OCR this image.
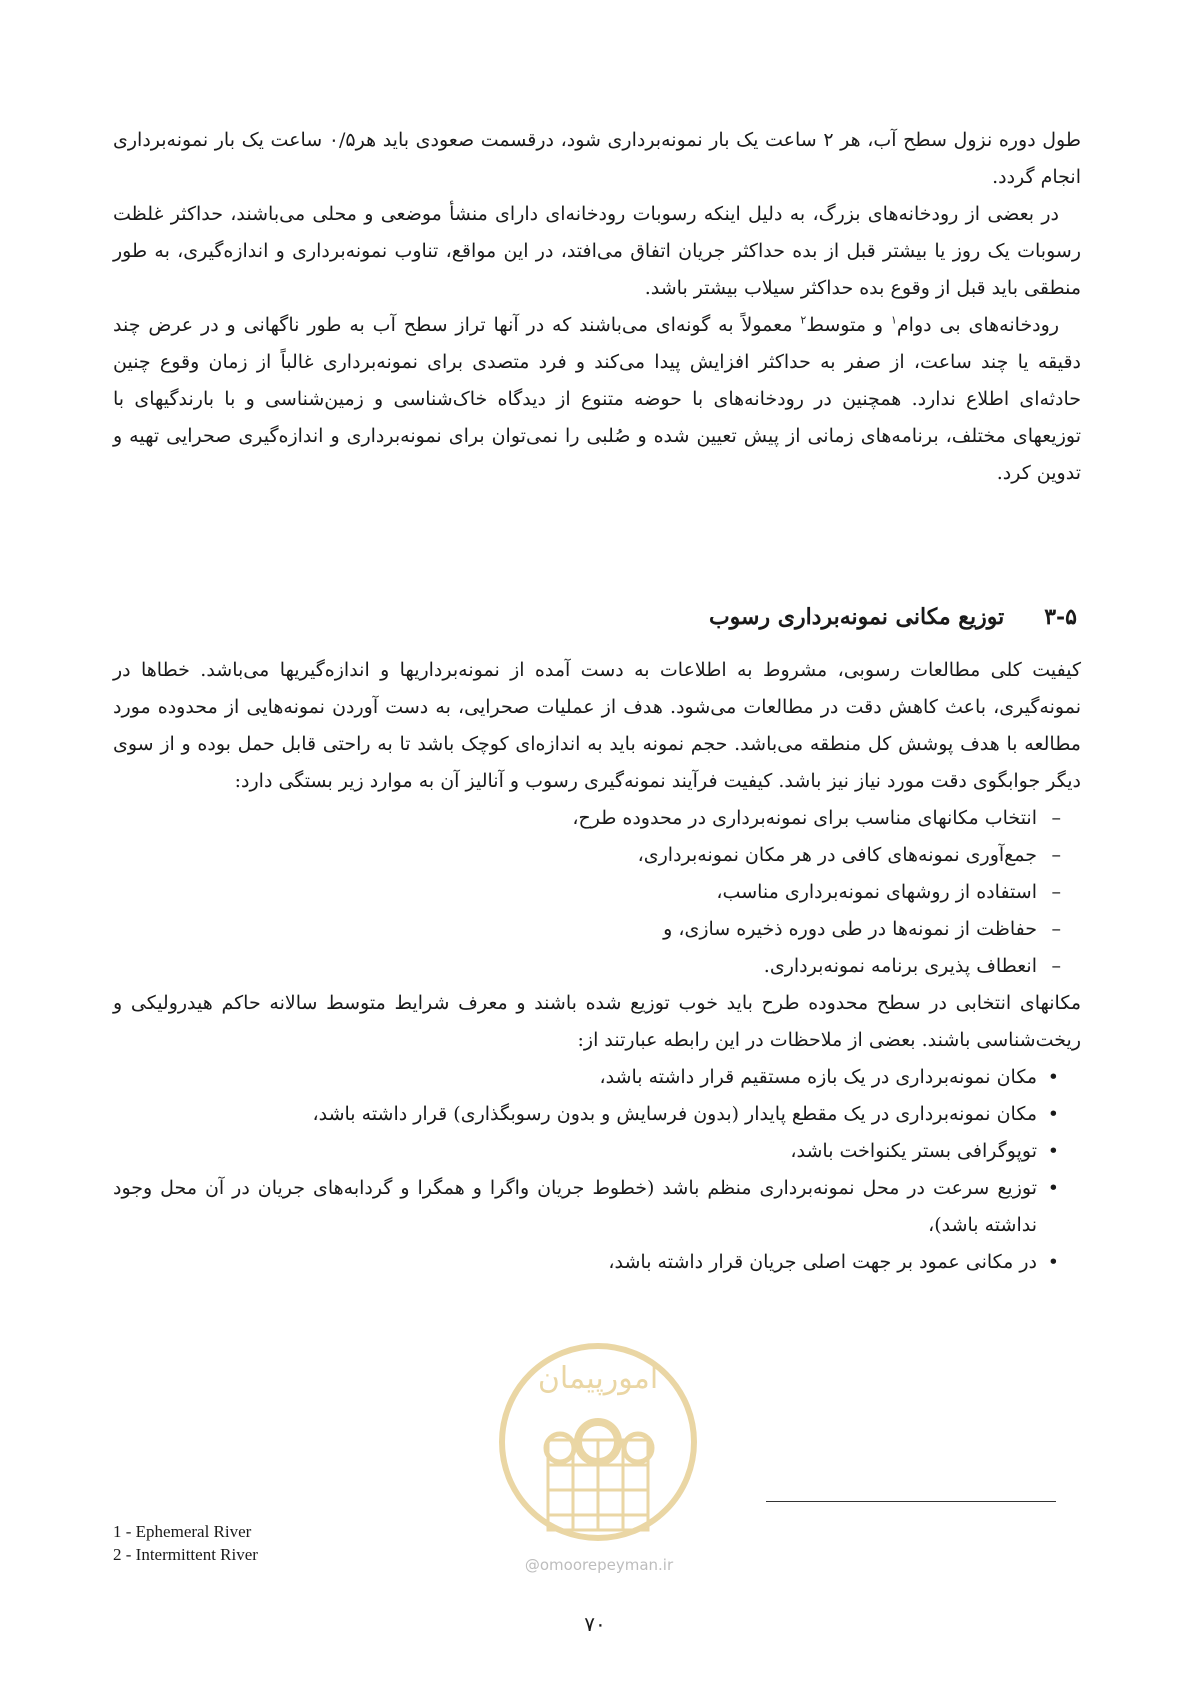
طول دوره نزول سطح آب، هر ۲ ساعت یک بار نمونه‌برداری شود، درقسمت صعودی باید هر۰/۵ ساعت یک بار نمونه‌برداری انجام گردد.

در بعضی از رودخانه‌های بزرگ، به دلیل اینکه رسوبات رودخانه‌ای دارای منشأ موضعی و محلی می‌باشند، حداکثر غلظت رسوبات یک روز یا بیشتر قبل از بده حداکثر جریان اتفاق می‌افتد، در این مواقع، تناوب نمونه‌برداری و اندازه‌گیری، به طور منطقی باید قبل از وقوع بده حداکثر سیلاب بیشتر باشد.

رودخانه‌های بی دوام$^۱$ و متوسط$^۲$ معمولاً به گونه‌ای می‌باشند که در آنها تراز سطح آب به طور ناگهانی و در عرض چند دقیقه یا چند ساعت، از صفر به حداکثر افزایش پیدا می‌کند و فرد متصدی برای نمونه‌برداری غالباً از زمان وقوع چنین حادثه‌ای اطلاع ندارد. همچنین در رودخانه‌های با حوضه متنوع از دیدگاه خاک‌شناسی و زمین‌شناسی و با بارندگیهای با توزیعهای مختلف، برنامه‌های زمانی از پیش تعیین شده و صُلبی را نمی‌توان برای نمونه‌برداری و اندازه‌گیری صحرایی تهیه و تدوین کرد.

۳-۵توزیع مکانی نمونه‌برداری رسوب

کیفیت کلی مطالعات رسوبی، مشروط به اطلاعات به دست آمده از نمونه‌برداریها و اندازه‌گیریها می‌باشد. خطاها در نمونه‌گیری، باعث کاهش دقت در مطالعات می‌شود. هدف از عملیات صحرایی، به دست آوردن نمونه‌هایی از محدوده مورد مطالعه با هدف پوشش کل منطقه می‌باشد. حجم نمونه باید به اندازه‌ای کوچک باشد تا به راحتی قابل حمل بوده و از سوی دیگر جوابگوی دقت مورد نیاز نیز باشد. کیفیت فرآیند نمونه‌گیری رسوب و آنالیز آن به موارد زیر بستگی دارد:

– انتخاب مکانهای مناسب برای نمونه‌برداری در محدوده طرح،
– جمع‌آوری نمونه‌های کافی در هر مکان نمونه‌برداری،
– استفاده از روشهای نمونه‌برداری مناسب،
– حفاظت از نمونه‌ها در طی دوره ذخیره سازی، و
– انعطاف پذیری برنامه نمونه‌برداری.

مکانهای انتخابی در سطح محدوده طرح باید خوب توزیع شده باشند و معرف شرایط متوسط سالانه حاکم هیدرولیکی و ریخت‌شناسی باشند. بعضی از ملاحظات در این رابطه عبارتند از:

• مکان نمونه‌برداری در یک بازه مستقیم قرار داشته باشد،
• مکان نمونه‌برداری در یک مقطع پایدار (بدون فرسایش و بدون رسوبگذاری) قرار داشته باشد،
• توپوگرافی بستر یکنواخت باشد،
• توزیع سرعت در محل نمونه‌برداری منظم باشد (خطوط جریان واگرا و همگرا و گردابه‌های جریان در آن محل وجود نداشته باشد)،
• در مکانی عمود بر جهت اصلی جریان قرار داشته باشد،
امورپیمان
@omoorepeyman.ir
1 - Ephemeral River
2 - Intermittent River
۷۰
